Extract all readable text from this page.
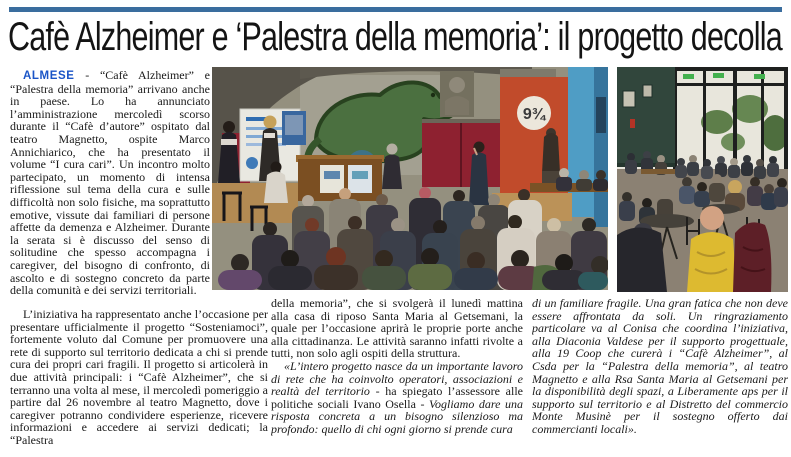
Cafè Alzheimer e ‘Palestra della memoria’: il progetto decolla

ALMESE - “Cafè Alzheimer” e “Palestra della memoria” arrivano anche in paese. Lo ha annunciato l’amministrazione mercoledì scorso durante il “Cafè d’autore” ospitato dal teatro Magnetto, ospite Marco Annichiarico, che ha presentato il volume “I cura cari”. Un incontro molto partecipato, un momento di intensa riflessione sul tema della cura e sulle difficoltà non solo fisiche, ma soprattutto emotive, vissute dai familiari di persone affette da demenza e Alzheimer. Durante la serata si è discusso del senso di solitudine che spesso accompagna i caregiver, del bisogno di confronto, di ascolto e di sostegno concreto da parte della comunità e dei servizi territoriali.

L’iniziativa ha rappresentato anche l’occasione per presentare ufficialmente il progetto “Sosteniamoci”, fortemente voluto dal Comune per promuovere una rete di supporto sul territorio dedicata a chi si prende cura dei propri cari fragili. Il progetto si articolerà in due attività principali: i “Cafè Alzheimer”, che si terranno una volta al mese, il mercoledì pomeriggio a partire dal 26 novembre al teatro Magnetto, dove i caregiver potranno condividere esperienze, ricevere informazioni e accedere ai servizi dedicati; la “Palestra

della memoria”, che si svolgerà il lunedì mattina alla casa di riposo Santa Maria al Getsemani, la quale per l’occasione aprirà le proprie porte anche alla cittadinanza. Le attività saranno infatti rivolte a tutti, non solo agli ospiti della struttura.

«L’intero progetto nasce da un importante lavoro di rete che ha coinvolto operatori, associazioni e realtà del territorio - ha spiegato l’assessore alle politiche sociali Ivano Osella - Vogliamo dare una risposta concreta a un bisogno silenzioso ma profondo: quello di chi ogni giorno si prende cura

di un familiare fragile. Una gran fatica che non deve essere affrontata da soli. Un ringraziamento particolare va al Conisa che coordina l’iniziativa, alla Diaconia Valdese per il supporto progettuale, alla 19 Coop che curerà i “Cafè Alzheimer”, al Csda per la “Palestra della memoria”, al teatro Magnetto e alla Rsa Santa Maria al Getsemani per la disponibilità degli spazi, a Liberamente aps per il supporto sul territorio e al Distretto del commercio Monte Musinè per il sostegno offerto dai commercianti locali».

9¾
